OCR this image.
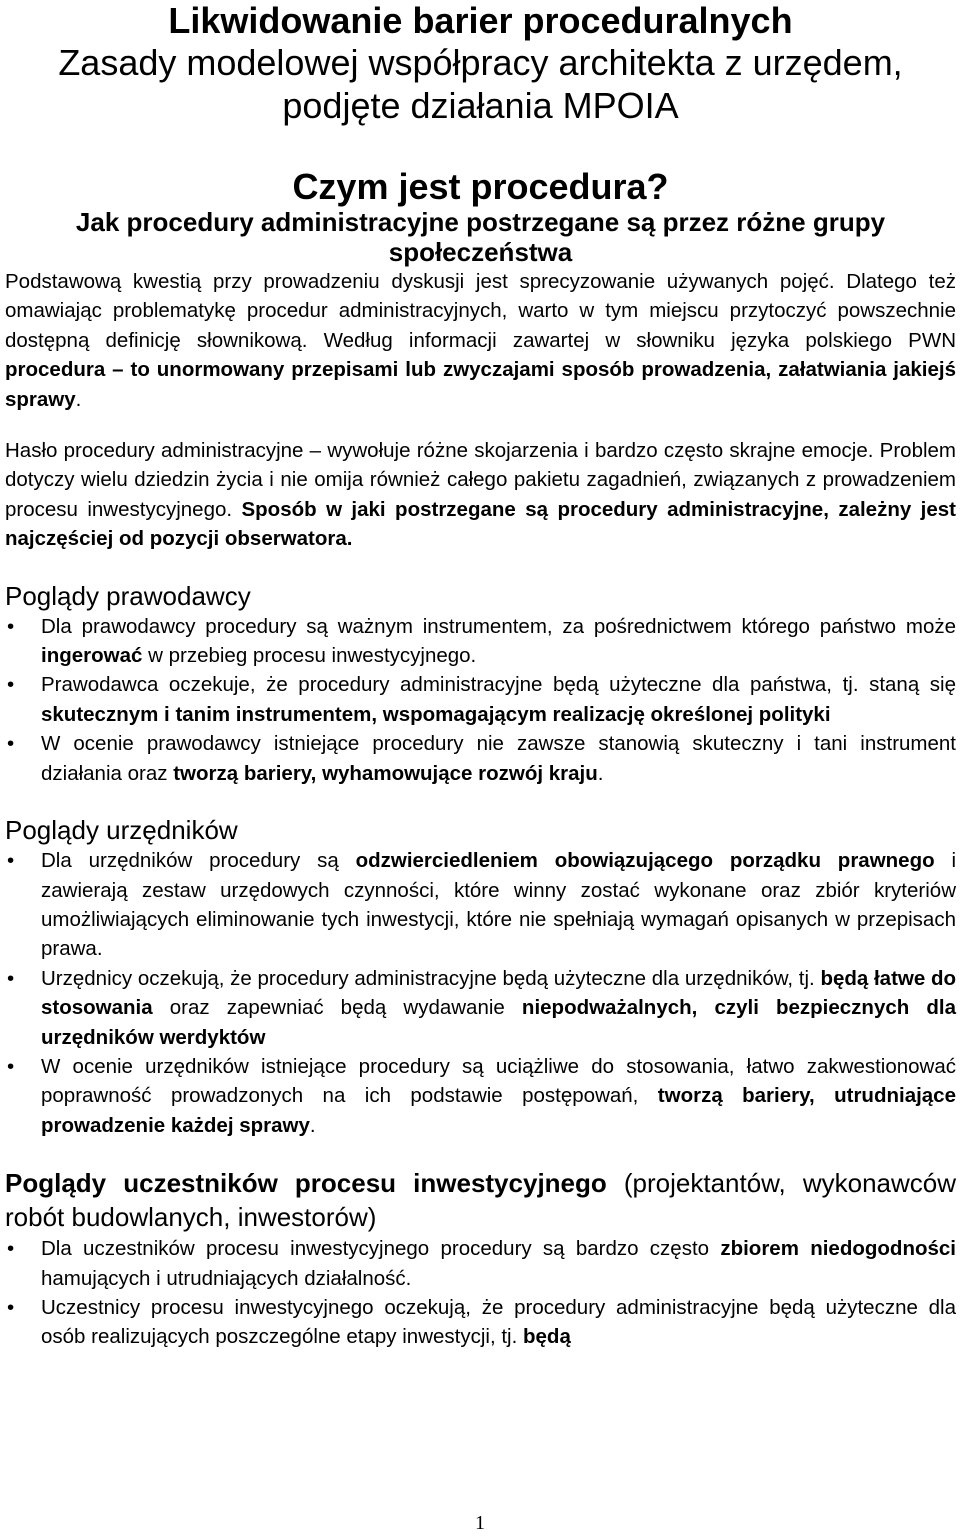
Likwidowanie barier proceduralnych
Zasady modelowej współpracy architekta z urzędem,
podjęte działania MPOIA
Czym jest procedura?
Jak procedury administracyjne postrzegane są przez różne grupy
społeczeństwa

Podstawową kwestią przy prowadzeniu dyskusji jest sprecyzowanie używanych pojęć. Dlatego też omawiając problematykę procedur administracyjnych, warto w tym miejscu przytoczyć powszechnie dostępną definicję słownikową. Według informacji zawartej w słowniku języka polskiego PWN procedura – to unormowany przepisami lub zwyczajami sposób prowadzenia, załatwiania jakiejś sprawy.

Hasło procedury administracyjne – wywołuje różne skojarzenia i bardzo często skrajne emocje. Problem dotyczy wielu dziedzin życia i nie omija również całego pakietu zagadnień, związanych z prowadzeniem procesu inwestycyjnego. Sposób w jaki postrzegane są procedury administracyjne, zależny jest najczęściej od pozycji obserwatora.

Poglądy prawodawcy
• Dla prawodawcy procedury są ważnym instrumentem, za pośrednictwem którego państwo może ingerować w przebieg procesu inwestycyjnego.
• Prawodawca oczekuje, że procedury administracyjne będą użyteczne dla państwa, tj. staną się skutecznym i tanim instrumentem, wspomagającym realizację określonej polityki
• W ocenie prawodawcy istniejące procedury nie zawsze stanowią skuteczny i tani instrument działania oraz tworzą bariery, wyhamowujące rozwój kraju.
Poglądy urzędników
• Dla urzędników procedury są odzwierciedleniem obowiązującego porządku prawnego i zawierają zestaw urzędowych czynności, które winny zostać wykonane oraz zbiór kryteriów umożliwiających eliminowanie tych inwestycji, które nie spełniają wymagań opisanych w przepisach prawa.
• Urzędnicy oczekują, że procedury administracyjne będą użyteczne dla urzędników, tj. będą łatwe do stosowania oraz zapewniać będą wydawanie niepodważalnych, czyli bezpiecznych dla urzędników werdyktów
• W ocenie urzędników istniejące procedury są uciążliwe do stosowania, łatwo zakwestionować poprawność prowadzonych na ich podstawie postępowań, tworzą bariery, utrudniające prowadzenie każdej sprawy.
Poglądy uczestników procesu inwestycyjnego (projektantów, wykonawców robót budowlanych, inwestorów)
• Dla uczestników procesu inwestycyjnego procedury są bardzo często zbiorem niedogodności hamujących i utrudniających działalność.
• Uczestnicy procesu inwestycyjnego oczekują, że procedury administracyjne będą użyteczne dla osób realizujących poszczególne etapy inwestycji, tj. będą
1
